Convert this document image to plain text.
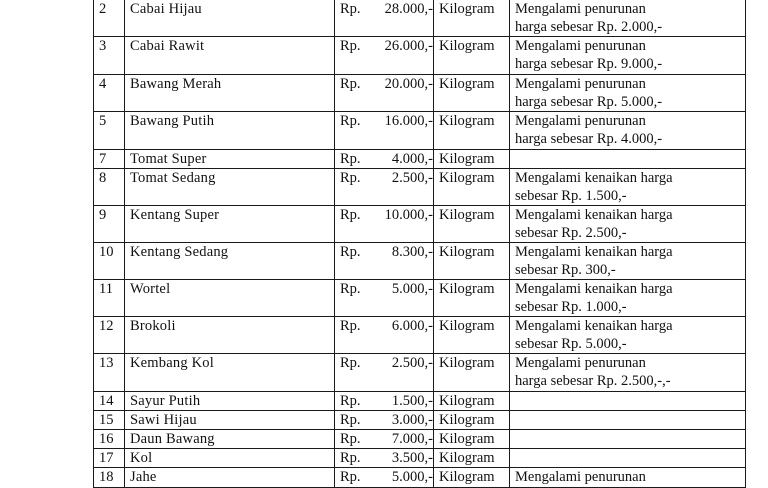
2	Cabai Hijau	Rp. 28.000,-	Kilogram	Mengalami penurunan
harga sebesar Rp. 2.000,-

3	Cabai Rawit	Rp. 26.000,-	Kilogram	Mengalami penurunan
harga sebesar Rp. 9.000,-

4	Bawang Merah	Rp. 20.000,-	Kilogram	Mengalami penurunan
harga sebesar Rp. 5.000,-

5	Bawang Putih	Rp. 16.000,-	Kilogram	Mengalami penurunan
harga sebesar Rp. 4.000,-

7	Tomat Super	Rp. 4.000,-	Kilogram	
8	Tomat Sedang	Rp. 2.500,-	Kilogram	Mengalami kenaikan harga
sebesar Rp. 1.500,-

9	Kentang Super	Rp. 10.000,-	Kilogram	Mengalami kenaikan harga
sebesar Rp. 2.500,-

10	Kentang Sedang	Rp. 8.300,-	Kilogram	Mengalami kenaikan harga
sebesar Rp. 300,-

11	Wortel	Rp. 5.000,-	Kilogram	Mengalami kenaikan harga
sebesar Rp. 1.000,-

12	Brokoli	Rp. 6.000,-	Kilogram	Mengalami kenaikan harga
sebesar Rp. 5.000,-

13	Kembang Kol	Rp. 2.500,-	Kilogram	Mengalami penurunan
harga sebesar Rp. 2.500,-,-

14	Sayur Putih	Rp. 1.500,-	Kilogram	
15	Sawi Hijau	Rp. 3.000,-	Kilogram	
16	Daun Bawang	Rp. 7.000,-	Kilogram	
17	Kol	Rp. 3.500,-	Kilogram	
18	Jahe	Rp. 5.000,-	Kilogram	Mengalami penurunan
